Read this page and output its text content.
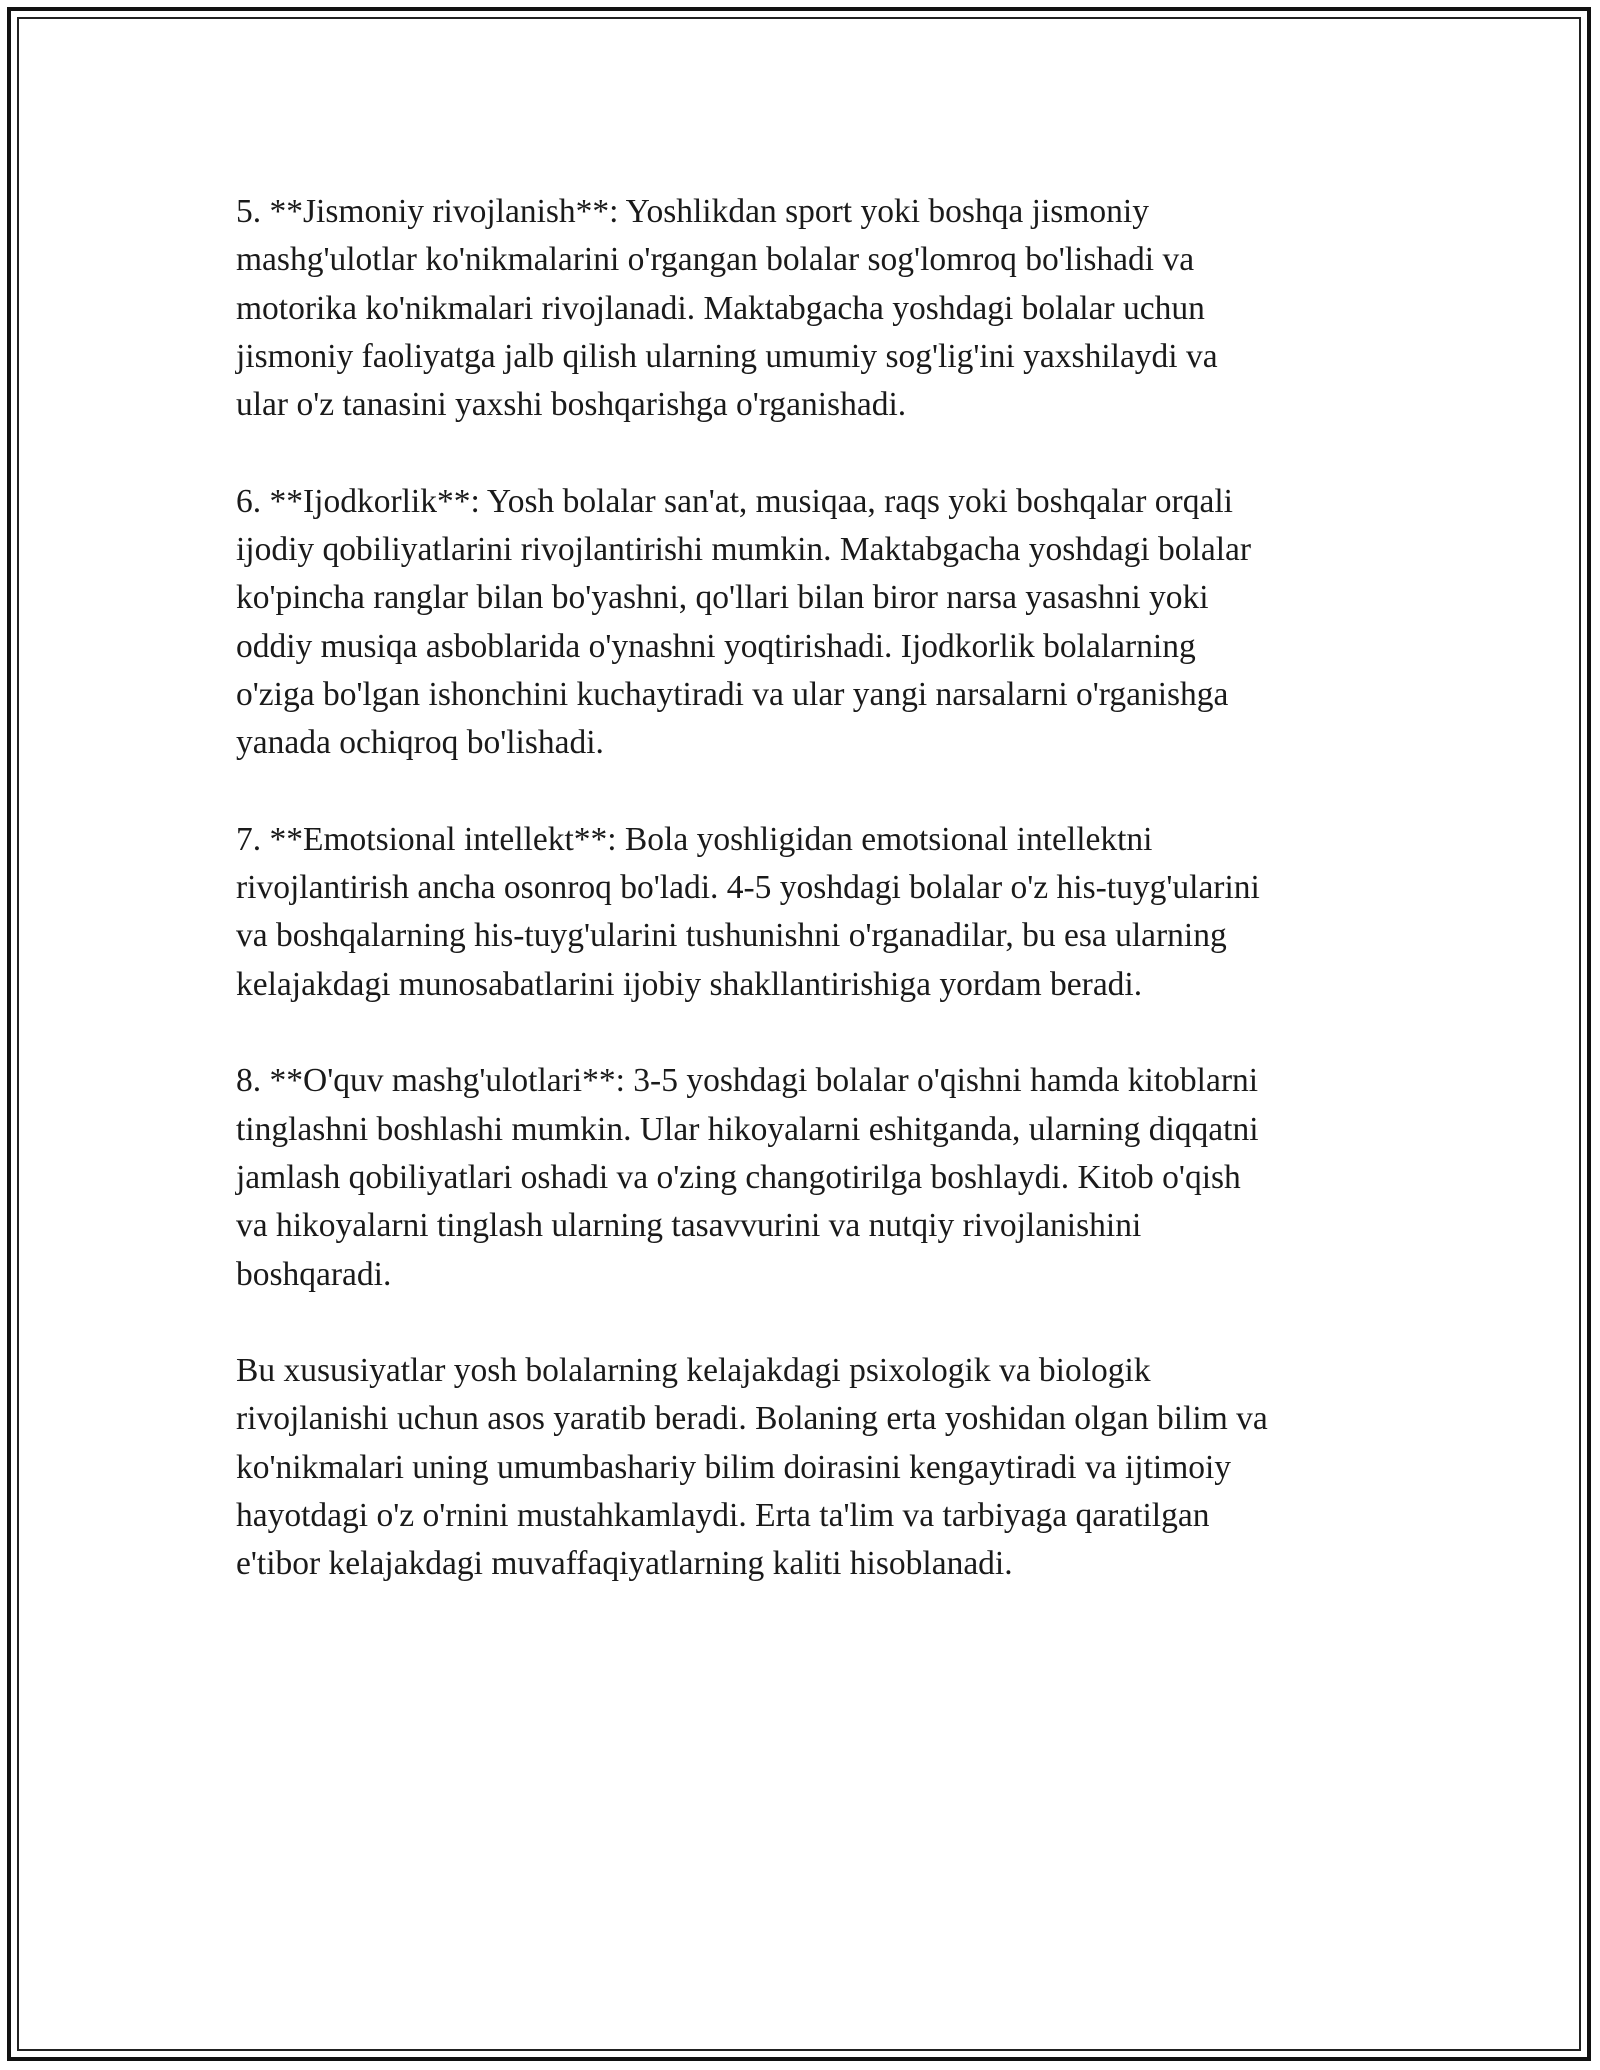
5. **Jismoniy rivojlanish**: Yoshlikdan sport yoki boshqa jismoniy
mashg'ulotlar ko'nikmalarini o'rgangan bolalar sog'lomroq bo'lishadi va
motorika ko'nikmalari rivojlanadi. Maktabgacha yoshdagi bolalar uchun
jismoniy faoliyatga jalb qilish ularning umumiy sog'lig'ini yaxshilaydi va
ular o'z tanasini yaxshi boshqarishga o'rganishadi.

6. **Ijodkorlik**: Yosh bolalar san'at, musiqaa, raqs yoki boshqalar orqali
ijodiy qobiliyatlarini rivojlantirishi mumkin. Maktabgacha yoshdagi bolalar
ko'pincha ranglar bilan bo'yashni, qo'llari bilan biror narsa yasashni yoki
oddiy musiqa asboblarida o'ynashni yoqtirishadi. Ijodkorlik bolalarning
o'ziga bo'lgan ishonchini kuchaytiradi va ular yangi narsalarni o'rganishga
yanada ochiqroq bo'lishadi.

7. **Emotsional intellekt**: Bola yoshligidan emotsional intellektni
rivojlantirish ancha osonroq bo'ladi. 4-5 yoshdagi bolalar o'z his-tuyg'ularini
va boshqalarning his-tuyg'ularini tushunishni o'rganadilar, bu esa ularning
kelajakdagi munosabatlarini ijobiy shakllantirishiga yordam beradi.

8. **O'quv mashg'ulotlari**: 3-5 yoshdagi bolalar o'qishni hamda kitoblarni
tinglashni boshlashi mumkin. Ular hikoyalarni eshitganda, ularning diqqatni
jamlash qobiliyatlari oshadi va o'zing changotirilga boshlaydi. Kitob o'qish
va hikoyalarni tinglash ularning tasavvurini va nutqiy rivojlanishini
boshqaradi.

Bu xususiyatlar yosh bolalarning kelajakdagi psixologik va biologik
rivojlanishi uchun asos yaratib beradi. Bolaning erta yoshidan olgan bilim va
ko'nikmalari uning umumbashariy bilim doirasini kengaytiradi va ijtimoiy
hayotdagi o'z o'rnini mustahkamlaydi. Erta ta'lim va tarbiyaga qaratilgan
e'tibor kelajakdagi muvaffaqiyatlarning kaliti hisoblanadi.
